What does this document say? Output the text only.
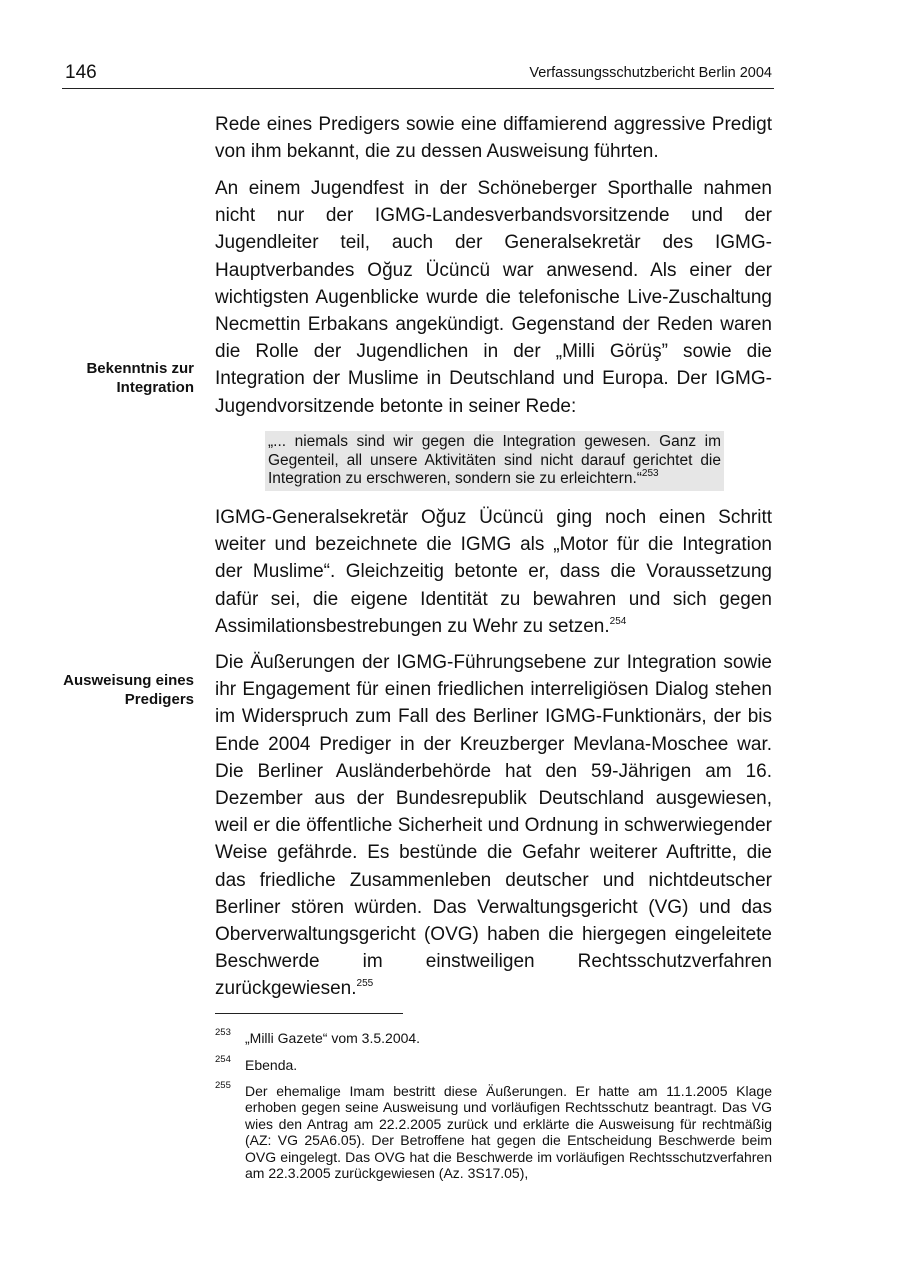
146	Verfassungsschutzbericht Berlin 2004

Rede eines Predigers sowie eine diffamierend aggressive Predigt von ihm bekannt, die zu dessen Ausweisung führten.

An einem Jugendfest in der Schöneberger Sporthalle nahmen nicht nur der IGMG-Landesverbandsvorsitzende und der Jugendleiter teil, auch der Generalsekretär des IGMG-Hauptverbandes Oğuz Ücüncü war anwesend. Als einer der wichtigsten Augenblicke wurde die telefonische Live-Zuschaltung Necmettin Erbakans angekündigt. Gegenstand der Reden waren die Rolle der Jugendlichen in der „Milli Görüş” sowie die Integration der Muslime in Deutschland und Europa. Der IGMG-Jugendvorsitzende betonte in seiner Rede:

Bekenntnis zur
Integration
„... niemals sind wir gegen die Integration gewesen. Ganz im Gegenteil, all unsere Aktivitäten sind nicht darauf gerichtet die Integration zu erschweren, sondern sie zu erleichtern.“$^{253}$

IGMG-Generalsekretär Oğuz Ücüncü ging noch einen Schritt weiter und bezeichnete die IGMG als „Motor für die Integration der Muslime“. Gleichzeitig betonte er, dass die Voraussetzung dafür sei, die eigene Identität zu bewahren und sich gegen Assimilationsbestrebungen zu Wehr zu setzen.$^{254}$

Ausweisung eines
Predigers

Die Äußerungen der IGMG-Führungsebene zur Integration sowie ihr Engagement für einen friedlichen interreligiösen Dialog stehen im Widerspruch zum Fall des Berliner IGMG-Funktionärs, der bis Ende 2004 Prediger in der Kreuzberger Mevlana-Moschee war. Die Berliner Ausländerbehörde hat den 59-Jährigen am 16. Dezember aus der Bundesrepublik Deutschland ausgewiesen, weil er die öffentliche Sicherheit und Ordnung in schwerwiegender Weise gefährde. Es bestünde die Gefahr weiterer Auftritte, die das friedliche Zusammenleben deutscher und nichtdeutscher Berliner stören würden. Das Verwaltungsgericht (VG) und das Oberverwaltungsgericht (OVG) haben die hiergegen eingeleitete Beschwerde im einstweiligen Rechtsschutzverfahren zurückgewiesen.$^{255}$

253 „Milli Gazete“ vom 3.5.2004.
254 Ebenda.
255 Der ehemalige Imam bestritt diese Äußerungen. Er hatte am 11.1.2005 Klage erhoben gegen seine Ausweisung und vorläufigen Rechtsschutz beantragt. Das VG wies den Antrag am 22.2.2005 zurück und erklärte die Ausweisung für rechtmäßig (AZ: VG 25A6.05). Der Betroffene hat gegen die Entscheidung Beschwerde beim OVG eingelegt. Das OVG hat die Beschwerde im vorläufigen Rechtsschutzverfahren am 22.3.2005 zurückgewiesen (Az. 3S17.05),
